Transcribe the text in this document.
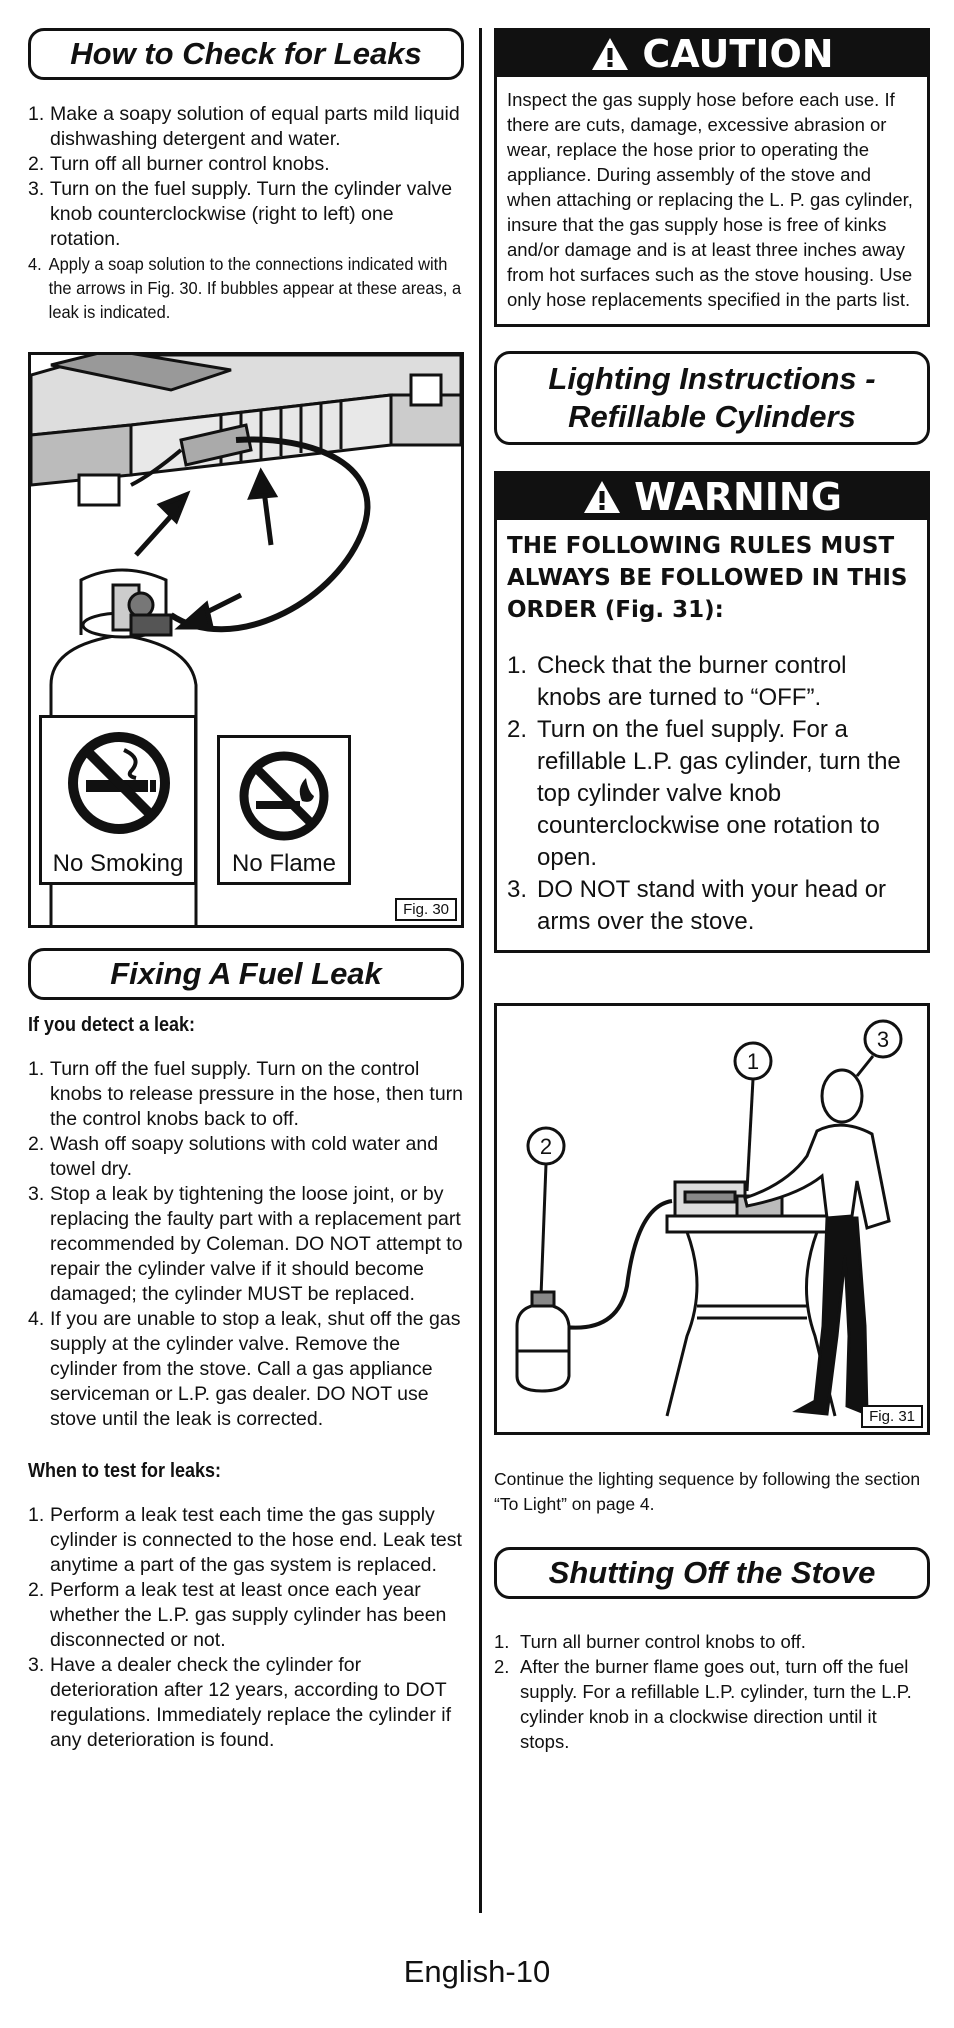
How to Check for Leaks
1. Make a soapy solution of equal parts mild liquid dishwashing detergent and water.
2. Turn off all burner control knobs.
3. Turn on the fuel supply. Turn the cylinder valve knob counterclockwise (right to left) one rotation.
4. Apply a soap solution to the connections indicated with the arrows in Fig. 30. If bubbles appear at these areas, a leak is indicated.
No Smoking No Flame
Fig. 30
Fixing A Fuel Leak
If you detect a leak:
1. Turn off the fuel supply. Turn on the control knobs to release pressure in the hose, then turn the control knobs back to off.
2. Wash off soapy solutions with cold water and towel dry.
3. Stop a leak by tightening the loose joint, or by replacing the faulty part with a replacement part recommended by Coleman. DO NOT attempt to repair the cylinder valve if it should become damaged; the cylinder MUST be replaced.
4. If you are unable to stop a leak, shut off the gas supply at the cylinder valve. Remove the cylinder from the stove. Call a gas appliance serviceman or L.P. gas dealer. DO NOT use stove until the leak is corrected.
When to test for leaks:
1. Perform a leak test each time the gas supply cylinder is connected to the hose end. Leak test anytime a part of the gas system is replaced.
2. Perform a leak test at least once each year whether the L.P. gas supply cylinder has been disconnected or not.
3. Have a dealer check the cylinder for deterioration after 12 years, according to DOT regulations. Immediately replace the cylinder if any deterioration is found.
CAUTION
Inspect the gas supply hose before each use. If there are cuts, damage, excessive abrasion or wear, replace the hose prior to operating the appliance. During assembly of the stove and when attaching or replacing the L. P. gas cylinder, insure that the gas supply hose is free of kinks and/or damage and is at least three inches away from hot surfaces such as the stove housing. Use only hose replacements specified in the parts list.
Lighting Instructions -
Refillable Cylinders
WARNING
THE FOLLOWING RULES MUST ALWAYS BE FOLLOWED IN THIS ORDER (Fig. 31):
1. Check that the burner control knobs are turned to “OFF”.
2. Turn on the fuel supply. For a refillable L.P. gas cylinder, turn the top cylinder valve knob counterclockwise one rotation to open.
3. DO NOT stand with your head or arms over the stove.
1
2
3
Fig. 31
Continue the lighting sequence by following the section “To Light” on page 4.
Shutting Off the Stove
1. Turn all burner control knobs to off.
2. After the burner flame goes out, turn off the fuel supply. For a refillable L.P. cylinder, turn the L.P. cylinder knob in a clockwise direction until it stops.
English-10
